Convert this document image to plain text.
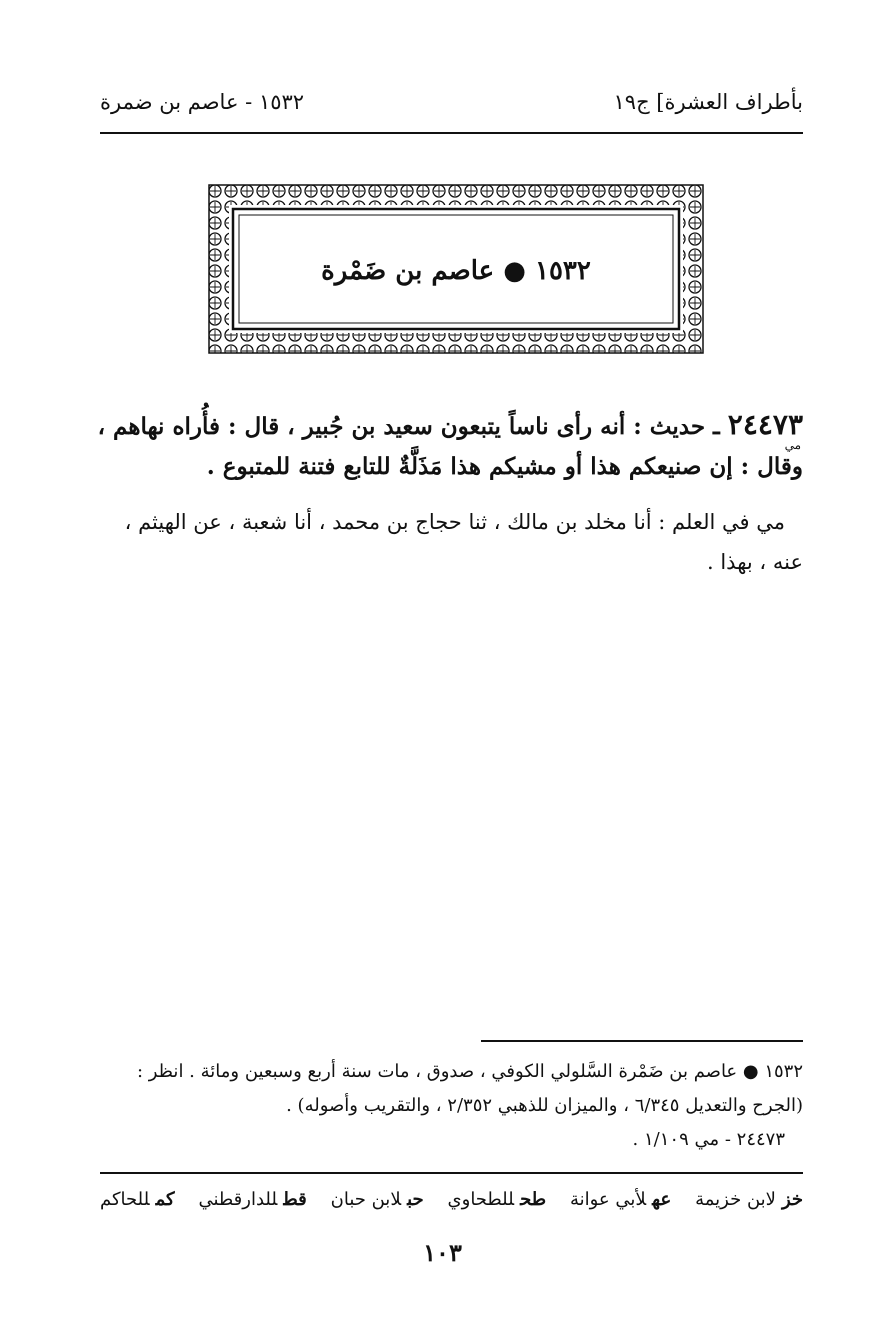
بأطراف العشرة] ج١٩
١٥٣٢ - عاصم بن ضمرة
١٥٣٢ ● عاصم بن ضَمْرة
٢٤٤٧٣ ـ حديث : أنه رأى ناساً يتبعون سعيد بن جُبير ، قال : فأُراه نهاهم ،
وقال : إن صنيعكم هذا أو مشيكم هذا مَذَلَّةٌ للتابع فتنة للمتبوع .
مي
مي في العلم : أنا مخلد بن مالك ، ثنا حجاج بن محمد ، أنا شعبة ، عن الهيثم ،
عنه ، بهذا .
١٥٣٢ ● عاصم بن ضَمْرة السَّلولي الكوفي ، صدوق ، مات سنة أربع وسبعين ومائة . انظر :
(الجرح والتعديل ٦/٣٤٥ ، والميزان للذهبي ٢/٣٥٢ ، والتقريب وأصوله) .
٢٤٤٧٣ - مي ١/١٠٩ .
خزلابن خزيمة
عهلأبي عوانة
طحللطحاوي
حبلابن حبان
قطللدارقطني
كمللحاكم
١٠٣
